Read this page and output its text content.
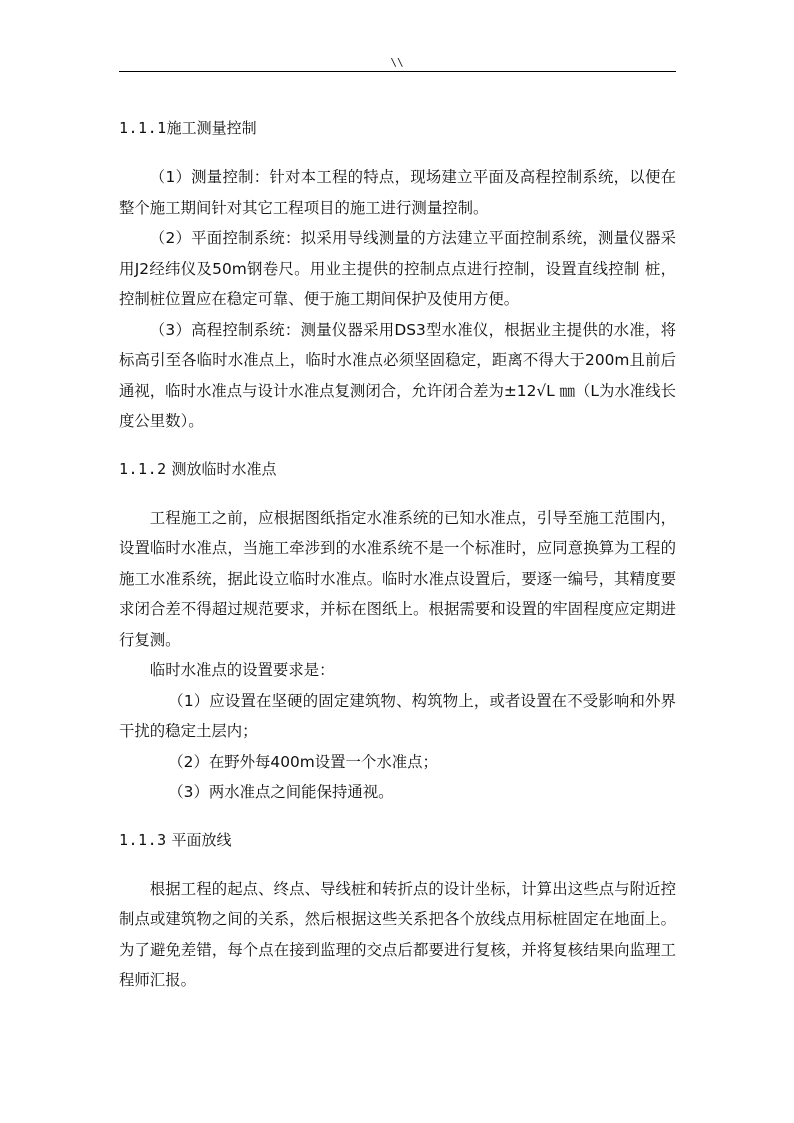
\\
1.1.1施工测量控制

（1）测量控制：针对本工程的特点，现场建立平面及高程控制系统，以便在整个施工期间针对其它工程项目的施工进行测量控制。

（2）平面控制系统：拟采用导线测量的方法建立平面控制系统，测量仪器采用J2经纬仪及50m钢卷尺。用业主提供的控制点点进行控制，设置直线控制 桩，控制桩位置应在稳定可靠、便于施工期间保护及使用方便。

（3）高程控制系统：测量仪器采用DS3型水准仪，根据业主提供的水准，将标高引至各临时水准点上，临时水准点必须坚固稳定，距离不得大于200m且前后通视，临时水准点与设计水准点复测闭合，允许闭合差为±12√L ㎜（L为水准线长度公里数）。

1.1.2 测放临时水准点

工程施工之前，应根据图纸指定水准系统的已知水准点，引导至施工范围内，设置临时水准点，当施工牵涉到的水准系统不是一个标准时，应同意换算为工程的施工水准系统，据此设立临时水准点。临时水准点设置后，要逐一编号，其精度要求闭合差不得超过规范要求，并标在图纸上。根据需要和设置的牢固程度应定期进行复测。

临时水准点的设置要求是：

（1）应设置在坚硬的固定建筑物、构筑物上，或者设置在不受影响和外界干扰的稳定土层内；

（2）在野外每400m设置一个水准点；

（3）两水准点之间能保持通视。

1.1.3 平面放线

根据工程的起点、终点、导线桩和转折点的设计坐标，计算出这些点与附近控制点或建筑物之间的关系，然后根据这些关系把各个放线点用标桩固定在地面上。为了避免差错，每个点在接到监理的交点后都要进行复核，并将复核结果向监理工程师汇报。
